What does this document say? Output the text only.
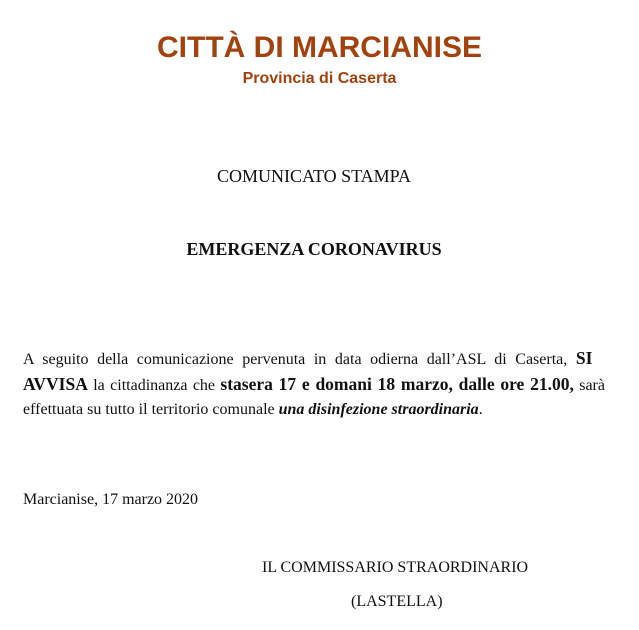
CITTÀ DI MARCIANISE
Provincia di Caserta
COMUNICATO STAMPA
EMERGENZA CORONAVIRUS

A seguito della comunicazione pervenuta in data odierna dall’ASL di Caserta, SI   AVVISA la cittadinanza che stasera 17 e domani 18 marzo, dalle ore 21.00, sarà effettuata su tutto il territorio comunale una disinfezione straordinaria.

Marcianise, 17 marzo 2020
IL COMMISSARIO STRAORDINARIO
(LASTELLA)
